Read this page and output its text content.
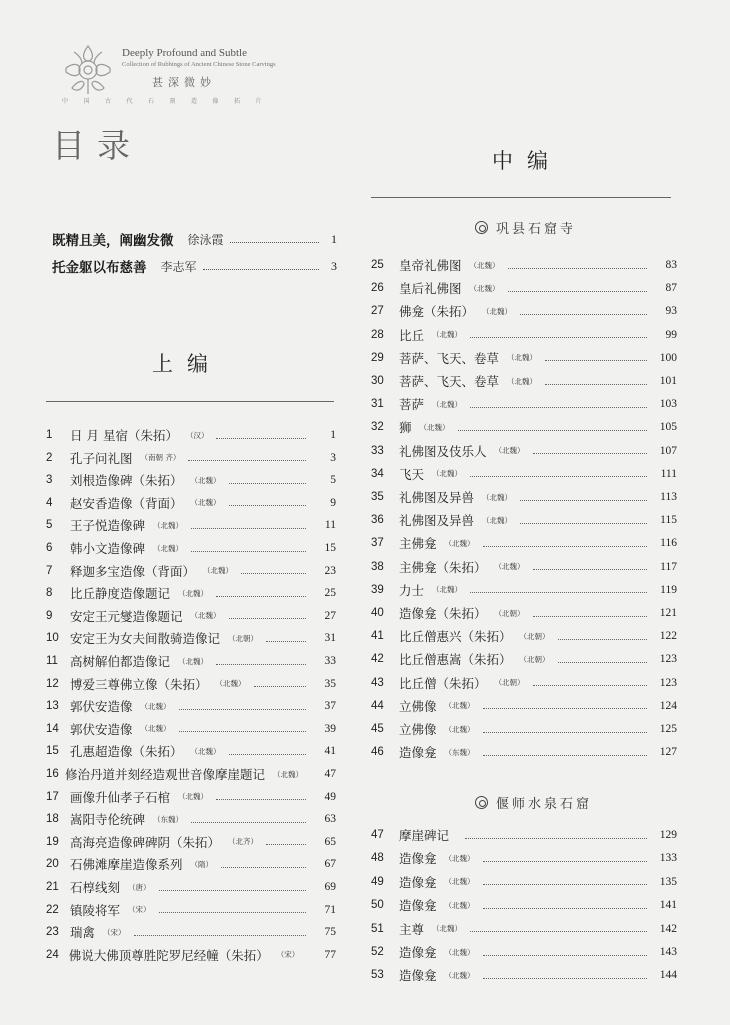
Deeply Profound and Subtle
Collection of Rubbings of Ancient Chinese Stone Carvings
甚深微妙
中国古代石刻造像拓片
目录
既精且美，阐幽发微 徐泳霞	1
托金躯以布慈善 李志军	3
上编
1	日 月 星宿（朱拓） （汉）	1
2	孔子问礼图 （南朝 齐）	3
3	刘根造像碑（朱拓） （北魏）	5
4	赵安香造像（背面） （北魏）	9
5	王子悦造像碑 （北魏）	11
6	韩小文造像碑 （北魏）	15
7	释迦多宝造像（背面） （北魏）	23
8	比丘静度造像题记 （北魏）	25
9	安定王元燮造像题记 （北魏）	27
10 安定王为女夫间散骑造像记 （北朝）	31
11 高树解伯都造像记 （北魏）	33
12 博爱三尊佛立像（朱拓） （北魏）	35
13 郭伏安造像 （北魏）	37
14 郭伏安造像 （北魏）	39
15 孔惠超造像（朱拓） （北魏）	41
16 修治丹道并刻经造观世音像摩崖题记 （北魏）	47
17 画像升仙孝子石棺 （北魏）	49
18 嵩阳寺伦统碑 （东魏）	63
19 高海亮造像碑碑阴（朱拓） （北齐）	65
20 石佛滩摩崖造像系列 （隋）	67
21 石椁线刻 （唐）	69
22 镇陵将军 （宋）	71
23 瑞禽 （宋）	75
24 佛说大佛顶尊胜陀罗尼经幢（朱拓） （宋）	77
中编
巩县石窟寺
偃师水泉石窟
25	皇帝礼佛图 （北魏）	83
26	皇后礼佛图 （北魏）	87
27	佛龛（朱拓） （北魏）	93
28	比丘 （北魏）	99
29	菩萨、飞天、卷草 （北魏）	100
30	菩萨、飞天、卷草 （北魏）	101
31	菩萨 （北魏）	103
32	狮 （北魏）	105
33	礼佛图及伎乐人 （北魏）	107
34	飞天 （北魏）	111
35	礼佛图及异兽 （北魏）	113
36	礼佛图及异兽 （北魏）	115
37	主佛龛 （北魏）	116
38	主佛龛（朱拓） （北魏）	117
39	力士 （北魏）	119
40	造像龛（朱拓） （北朝）	121
41	比丘僧惠兴（朱拓） （北朝）	122
42	比丘僧惠嵩（朱拓） （北朝）	123
43	比丘僧（朱拓） （北朝）	123
44	立佛像 （北魏）	124
45	立佛像 （北魏）	125
46	造像龛 （东魏）	127
47	摩崖碑记	129
48	造像龛 （北魏）	133
49	造像龛 （北魏）	135
50	造像龛 （北魏）	141
51	主尊 （北魏）	142
52	造像龛 （北魏）	143
53	造像龛 （北魏）	144
